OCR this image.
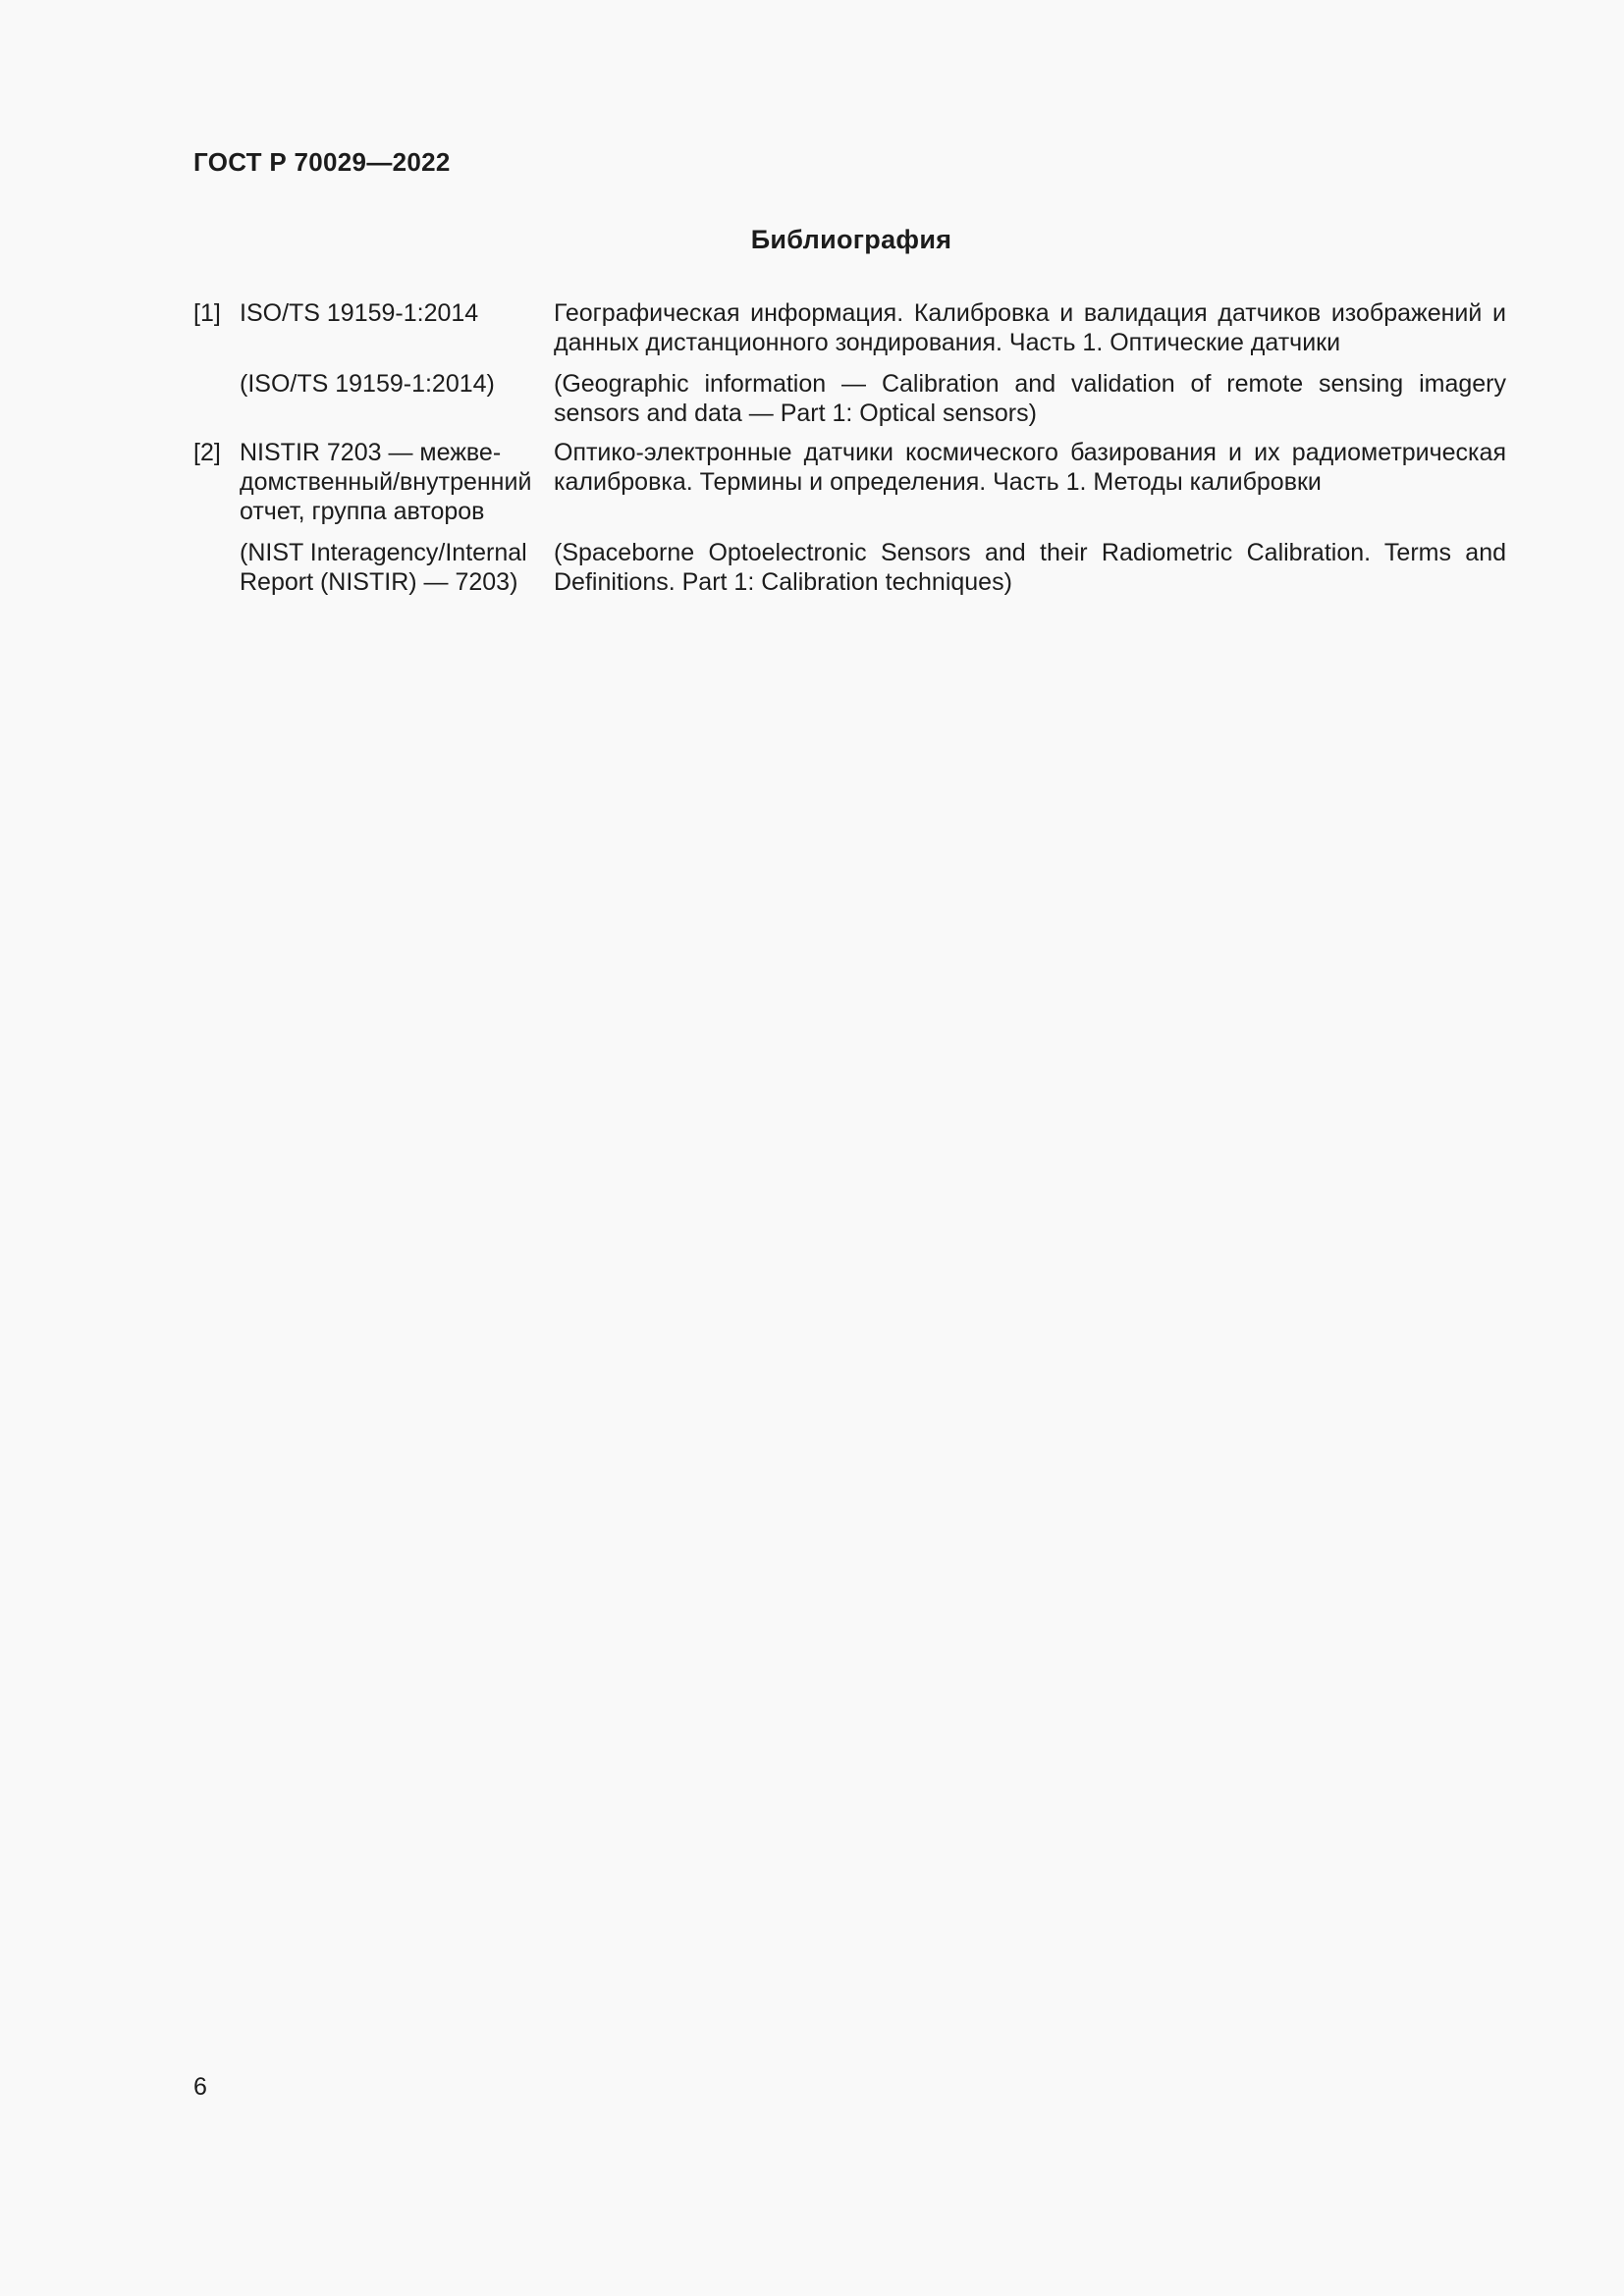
ГОСТ Р 70029—2022
Библиография
[1] ISO/TS 19159-1:2014	Географическая информация. Калибровка и валидация датчиков изображений и данных дистанционного зондирования. Часть 1. Оптические датчики
(ISO/TS 19159-1:2014)	(Geographic information — Calibration and validation of remote sensing imagery sensors and data — Part 1: Optical sensors)
[2] NISTIR 7203 — межве-домственный/внутренний отчет, группа авторов
Оптико-электронные датчики космического базирования и их радиометрическая калибровка. Термины и определения. Часть 1. Методы калибровки
(NIST Interagency/Internal Report (NISTIR) — 7203)
(Spaceborne Optoelectronic Sensors and their Radiometric Calibration. Terms and Definitions. Part 1: Calibration techniques)
6
